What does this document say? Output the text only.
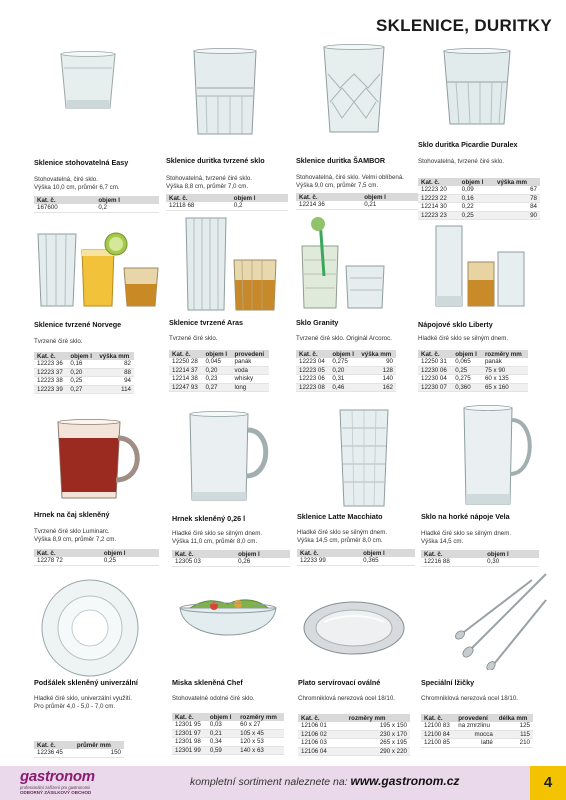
SKLENICE, DURITKY
Sklenice stohovatelná Easy
Stohovatelná, čiré sklo.
Výška 10,0 cm, průměr 6,7 cm.
Kat. č.	objem l
167600	0,2
Sklenice duritka tvrzené sklo
Stohovatelná, tvrzené čiré sklo.
Výška 8,8 cm, průměr 7,0 cm.
Kat. č.	objem l
12118 68	0,2
Sklenice duritka ŠAMBOR
Stohovatelná, čiré sklo. Velmi oblíbená.
Výška 9,0 cm, průměr 7,5 cm.
Kat. č.	objem l
12214 36	0,21
Sklo duritka Picardie Duralex
Stohovatelná, tvrzené čiré sklo.
Kat. č.	objem l	výška mm
12223 20	0,09	67
12223 22	0,16	78
12214 30	0,22	84
12223 23	0,25	90
Sklenice tvrzené Norvege
Tvrzené čiré sklo.
Kat. č.	objem l	výška mm
12223 36	0,16	82
12223 37	0,20	88
12223 38	0,25	94
12223 39	0,27	114
Sklenice tvrzené Aras
Tvrzené čiré sklo.
Kat. č.	objem l	provedení
12250 28	0,045	panák
12214 37	0,20	voda
12214 38	0,23	whisky
12247 93	0,27	long
Sklo Granity
Tvrzené čiré sklo. Originál Arcoroc.
Kat. č.	objem l	výška mm
12223 04	0,275	90
12223 05	0,20	128
12223 06	0,31	140
12223 08	0,46	162
Nápojové sklo Liberty
Hladké čiré sklo se silným dnem.
Kat. č.	objem l	rozměry mm
12250 31	0,065	panák
12230 06	0,25	75 x 90
12230 04	0,275	60 x 135
12230 07	0,360	65 x 160
Hrnek na čaj skleněný
Tvrzené čiré sklo Luminarc.
Výška 8,9 cm, průměr 7,2 cm.
Kat. č.	objem l
12278 72	0,25
Hrnek skleněný 0,26 l
Hladké čiré sklo se silným dnem.
Výška 11,0 cm, průměr 8,0 cm.
Kat. č.	objem l
12305 03	0,26
Sklenice Latte Macchiato
Hladké čiré sklo se silným dnem.
Výška 14,5 cm, průměr 8,0 cm.
Kat. č.	objem l
12233 99	0,365
Sklo na horké nápoje Vela
Hladké čiré sklo se silným dnem.
Výška 14,5 cm.
Kat. č.	objem l
12216 88	0,30
Podšálek skleněný univerzální
Hladké čiré sklo, univerzální využití.
Pro průměr 4,0 - 5,0 - 7,0 cm.
Kat. č.	průměr mm
12236 45	150
Miska skleněná Chef
Stohovatelné odolné čiré sklo.
Kat. č.	objem l	rozměry mm
12301 95	0,03	60 x 27
12301 97	0,21	105 x 45
12301 98	0,34	120 x 53
12301 99	0,59	140 x 63
Plato servírovací oválné
Chromniklová nerezová ocel 18/10.
Kat. č.	rozměry mm
12106 01	195 x 150
12106 02	230 x 170
12106 03	265 x 195
12106 04	290 x 220
Speciální lžičky
Chromniklová nerezová ocel 18/10.
Kat. č.	provedení	délka mm
12100 83	na zmrzlinu	125
12100 84	mocca	115
12100 85	latté	210
gastronom
profesionální zařízení pro gastronomii
ODBORNÝ ZÁSILKOVÝ OBCHOD
kompletní sortiment naleznete na: www.gastronom.cz	4
